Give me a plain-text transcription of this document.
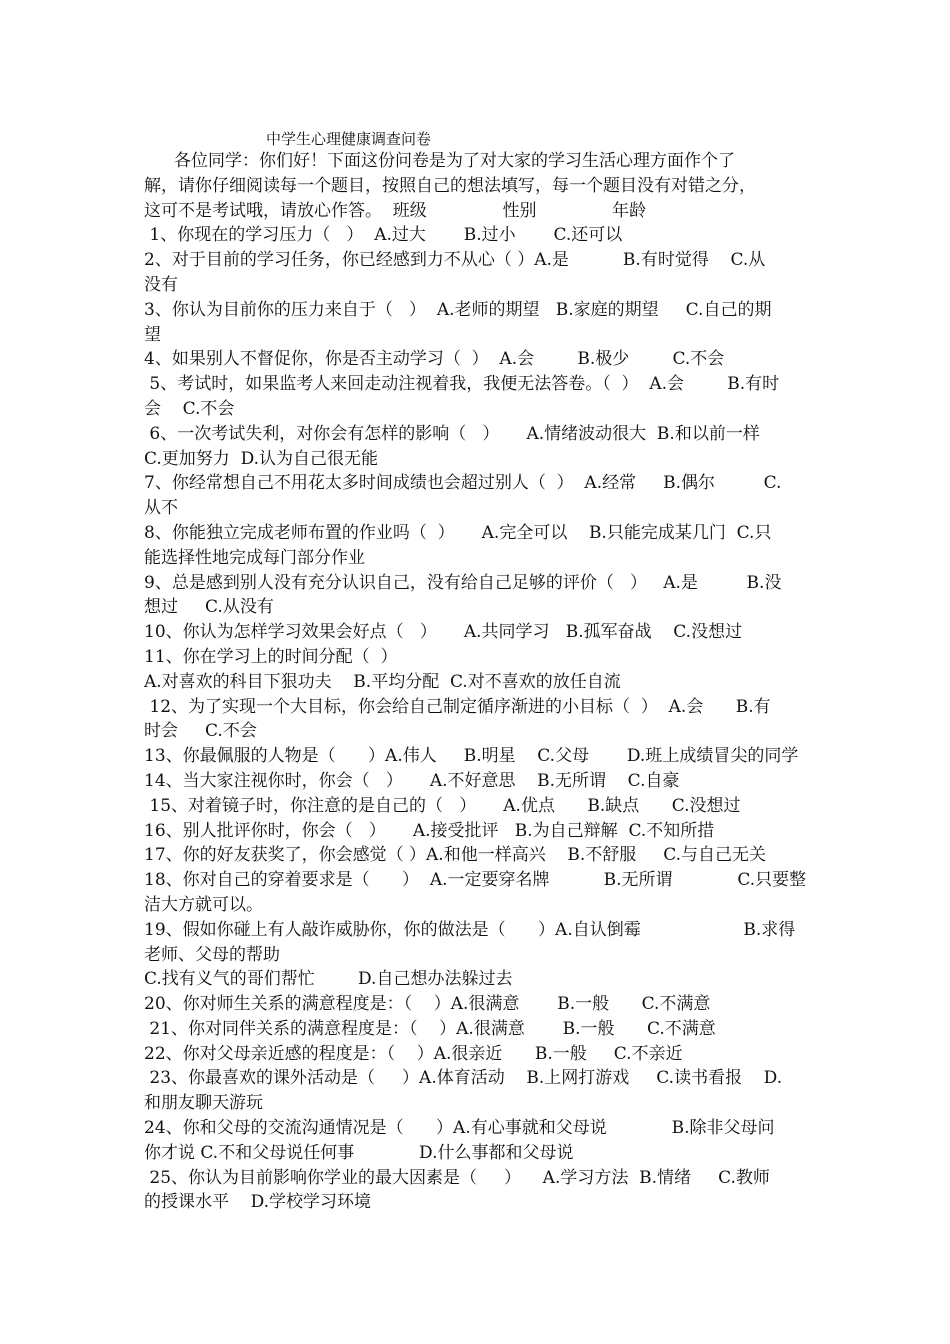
中学生心理健康调查问卷
各位同学：你们好！下面这份问卷是为了对大家的学习生活心理方面作个了
解，请你仔细阅读每一个题目，按照自己的想法填写，每一个题目没有对错之分，
这可不是考试哦，请放心作答。  班级              性别              年龄
1、你现在的学习压力（   ）  A.过大       B.过小       C.还可以
2、对于目前的学习任务，你已经感到力不从心（ ）A.是          B.有时觉得    C.从
没有
3、你认为目前你的压力来自于（   ）  A.老师的期望   B.家庭的期望     C.自己的期
望
4、如果别人不督促你，你是否主动学习（  ）  A.会        B.极少        C.不会
5、考试时，如果监考人来回走动注视着我，我便无法答卷。（  ）  A.会        B.有时
会    C.不会
6、一次考试失利，对你会有怎样的影响（   ）     A.情绪波动很大  B.和以前一样
C.更加努力  D.认为自己很无能
7、你经常想自己不用花太多时间成绩也会超过别人（  ）  A.经常     B.偶尔         C.
从不
8、你能独立完成老师布置的作业吗（  ）     A.完全可以    B.只能完成某几门  C.只
能选择性地完成每门部分作业
9、总是感到别人没有充分认识自己，没有给自己足够的评价（   ）   A.是         B.没
想过     C.从没有
10、你认为怎样学习效果会好点（   ）     A.共同学习   B.孤军奋战    C.没想过
11、你在学习上的时间分配（  ）
A.对喜欢的科目下狠功夫    B.平均分配  C.对不喜欢的放任自流
12、为了实现一个大目标，你会给自己制定循序渐进的小目标（  ）  A.会      B.有
时会     C.不会
13、你最佩服的人物是（      ）A.伟人     B.明星    C.父母       D.班上成绩冒尖的同学
14、当大家注视你时，你会（   ）     A.不好意思    B.无所谓    C.自豪
15、对着镜子时，你注意的是自己的（   ）     A.优点      B.缺点      C.没想过
16、别人批评你时，你会（   ）     A.接受批评   B.为自己辩解  C.不知所措
17、你的好友获奖了，你会感觉（ ）A.和他一样高兴    B.不舒服     C.与自己无关
18、你对自己的穿着要求是（      ）  A.一定要穿名牌          B.无所谓            C.只要整
洁大方就可以。
19、假如你碰上有人敲诈威胁你，你的做法是（      ）A.自认倒霉                   B.求得
老师、父母的帮助
C.找有义气的哥们帮忙        D.自己想办法躲过去
20、你对师生关系的满意程度是：（    ）A.很满意       B.一般      C.不满意
21、你对同伴关系的满意程度是：（    ）A.很满意       B.一般      C.不满意
22、你对父母亲近感的程度是：（    ）A.很亲近      B.一般     C.不亲近
23、你最喜欢的课外活动是（     ）A.体育活动    B.上网打游戏     C.读书看报    D.
和朋友聊天游玩
24、你和父母的交流沟通情况是（      ）A.有心事就和父母说            B.除非父母问
你才说 C.不和父母说任何事            D.什么事都和父母说
25、你认为目前影响你学业的最大因素是（     ）    A.学习方法  B.情绪     C.教师
的授课水平    D.学校学习环境
